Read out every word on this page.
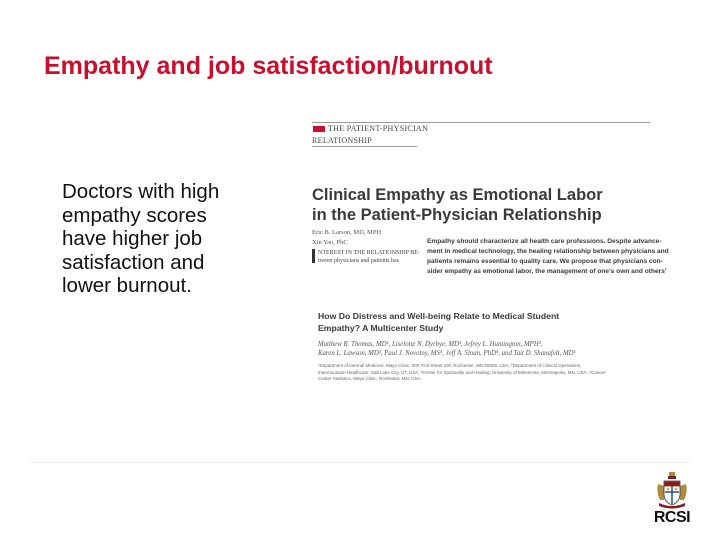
Empathy and job satisfaction/burnout
Doctors with high
empathy scores
have higher job
satisfaction and
lower burnout.
THE PATIENT-PHYSICIAN
RELATIONSHIP
Clinical Empathy as Emotional Labor
in the Patient-Physician Relationship
Eric B. Larson, MD, MPH
Xin Yao, PhC
NTEREST IN THE RELATIONSHIP BE-
tween physicians and patients has
Empathy should characterize all health care professions. Despite advance-
ment in medical technology, the healing relationship between physicians and
patients remains essential to quality care. We propose that physicians con-
sider empathy as emotional labor, the management of one's own and others'
How Do Distress and Well-being Relate to Medical Student
Empathy? A Multicenter Study
Matthew R. Thomas, MD¹, Liselotte N. Dyrbye, MD¹, Jefrey L. Huntington, MPH²,
Karen L. Lawson, MD³, Paul J. Novotny, MS⁴, Jeff A. Sloan, PhD⁴, and Tait D. Shanafelt, MD¹
¹Department of Internal Medicine, Mayo Clinic, 200 First Street SW, Rochester, MN 55905, USA; ²Department of Clinical Operations,
Intermountain Healthcare, Salt Lake City, UT, USA; ³Center for Spirituality and Healing, University of Minnesota, Minneapolis, MN, USA; ⁴Cancer
Center Statistics, Mayo Clinic, Rochester, MN, USA.
RCSI
